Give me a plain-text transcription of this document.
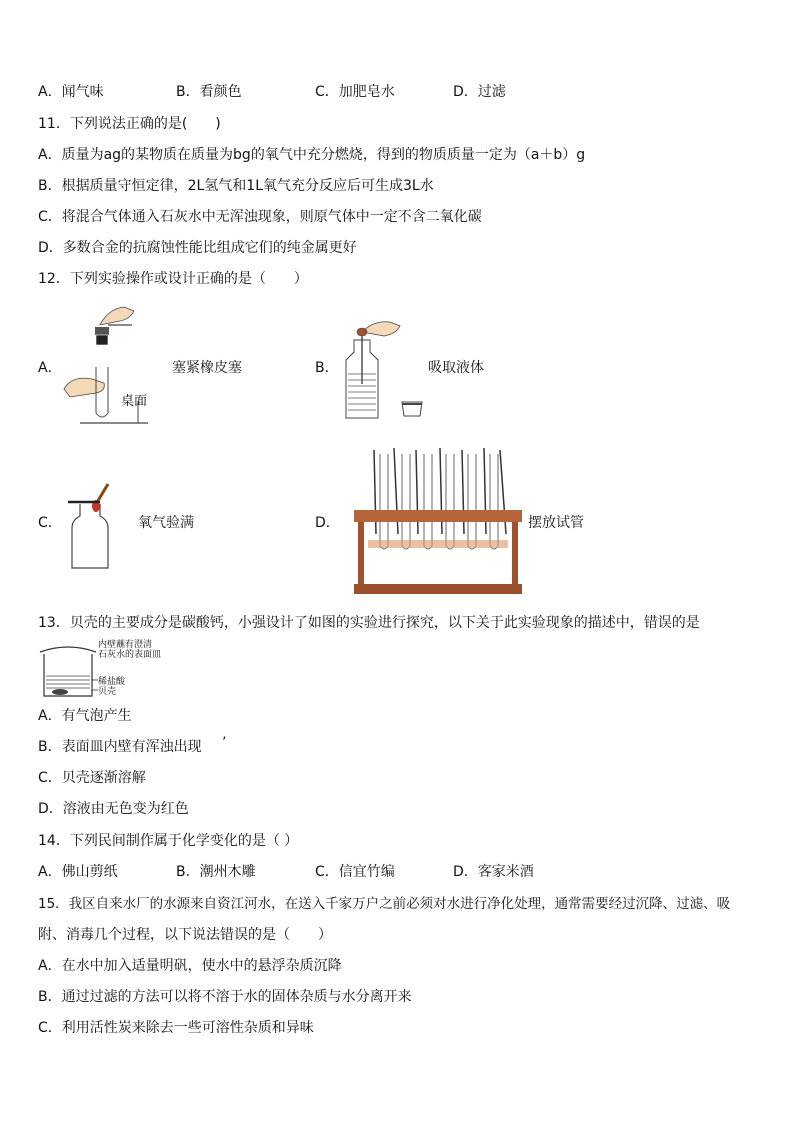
A．闻气味	B．看颜色	C．加肥皂水	D．过滤
11．下列说法正确的是(　　)
A．质量为ag的某物质在质量为bg的氧气中充分燃烧，得到的物质质量一定为（a＋b）g
B．根据质量守恒定律，2L氢气和1L氧气充分反应后可生成3L水
C．将混合气体通入石灰水中无浑浊现象，则原气体中一定不含二氧化碳
D．多数合金的抗腐蚀性能比组成它们的纯金属更好
12．下列实验操作或设计正确的是（　　）
A．
桌面
塞紧橡皮塞	B．	吸取液体
C．	氧气验满	D．	摆放试管
13．贝壳的主要成分是碳酸钙，小强设计了如图的实验进行探究，以下关于此实验现象的描述中，错误的是
内壁蘸有澄清
石灰水的表面皿
稀盐酸
贝壳
A．有气泡产生
B．表面皿内壁有浑浊出现 ’
C．贝壳逐渐溶解
D．溶液由无色变为红色
14．下列民间制作属于化学变化的是（ ）
A．佛山剪纸	B．潮州木雕	C．信宜竹编	D．客家米酒
15．我区自来水厂的水源来自资江河水，在送入千家万户之前必须对水进行净化处理，通常需要经过沉降、过滤、吸
附、消毒几个过程，以下说法错误的是（　　）
A．在水中加入适量明矾，使水中的悬浮杂质沉降
B．通过过滤的方法可以将不溶于水的固体杂质与水分离开来
C．利用活性炭来除去一些可溶性杂质和异味
